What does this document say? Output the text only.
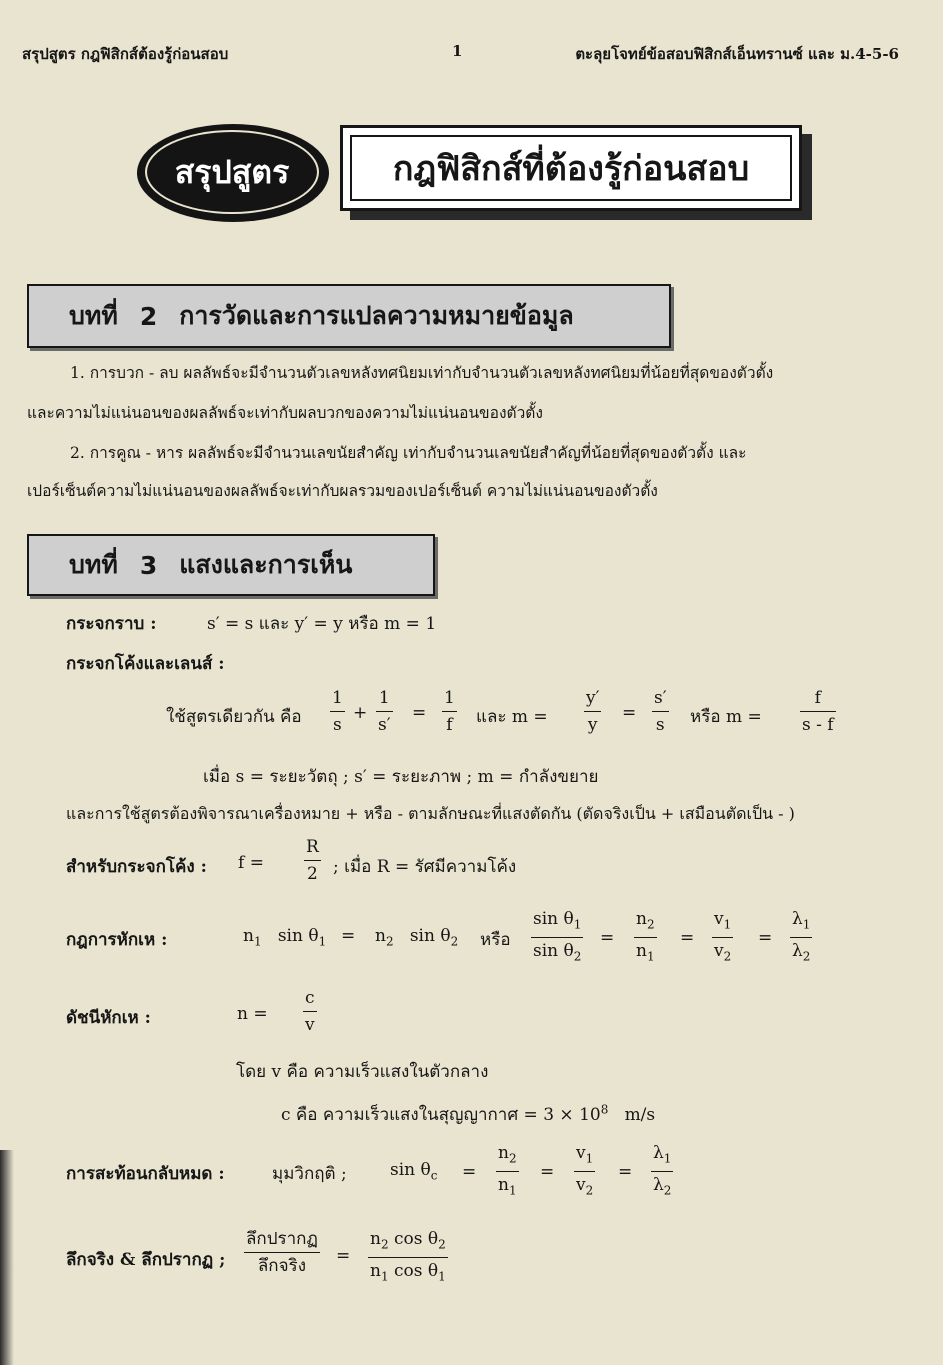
สรุปสูตร กฎฟิสิกส์ต้องรู้ก่อนสอบ	1	ตะลุยโจทย์ข้อสอบฟิสิกส์เอ็นทรานซ์ และ ม.4-5-6
สรุปสูตร	กฎฟิสิกส์ที่ต้องรู้ก่อนสอบ
บทที่ 2 การวัดและการแปลความหมายข้อมูล
1. การบวก - ลบ ผลลัพธ์จะมีจำนวนตัวเลขหลังทศนิยมเท่ากับจำนวนตัวเลขหลังทศนิยมที่น้อยที่สุดของตัวตั้ง
และความไม่แน่นอนของผลลัพธ์จะเท่ากับผลบวกของความไม่แน่นอนของตัวตั้ง
2. การคูณ - หาร ผลลัพธ์จะมีจำนวนเลขนัยสำคัญ เท่ากับจำนวนเลขนัยสำคัญที่น้อยที่สุดของตัวตั้ง และ
เปอร์เซ็นต์ความไม่แน่นอนของผลลัพธ์จะเท่ากับผลรวมของเปอร์เซ็นต์ ความไม่แน่นอนของตัวตั้ง
บทที่ 3 แสงและการเห็น
กระจกราบ :	s′ = s และ y′ = y หรือ m = 1
กระจกโค้งและเลนส์ :
ใช้สูตรเดียวกัน คือ
1
s
+
1
s′
=
1
f และ m =
y′
y
=
s′
s หรือ m =
f
s - f
เมื่อ s = ระยะวัตถุ ; s′ = ระยะภาพ ; m = กำลังขยาย
และการใช้สูตรต้องพิจารณาเครื่องหมาย + หรือ - ตามลักษณะที่แสงตัดกัน (ตัดจริงเป็น + เสมือนตัดเป็น - )
สำหรับกระจกโค้ง : f =
R
2 ; เมื่อ R = รัศมีความโค้ง
กฎการหักเห :	$n_1$ $\sin \theta_1 = n_2$ $\sin \theta_2$ หรือ
$\sin \theta_1$
$\sin \theta_2$
=
$n_2$
$n_1$
=
$v_1$
$v_2$
=
$\lambda_1$
$\lambda_2$
ดัชนีหักเห :	n =
c
v
โดย v คือ ความเร็วแสงในตัวกลาง
c คือ ความเร็วแสงในสุญญากาศ = $3 \times 10^8$ m/s
การสะท้อนกลับหมด :	มุมวิกฤติ ;	$\sin \theta_c$ =
$n_2$
$n_1$
=
$v_1$
$v_2$
=
$\lambda_1$
$\lambda_2$
ลึกจริง & ลึกปรากฏ ;
ลึกปรากฏ
ลึกจริง =
$n_2$ $\cos \theta_2$
$n_1$ $\cos \theta_1$
